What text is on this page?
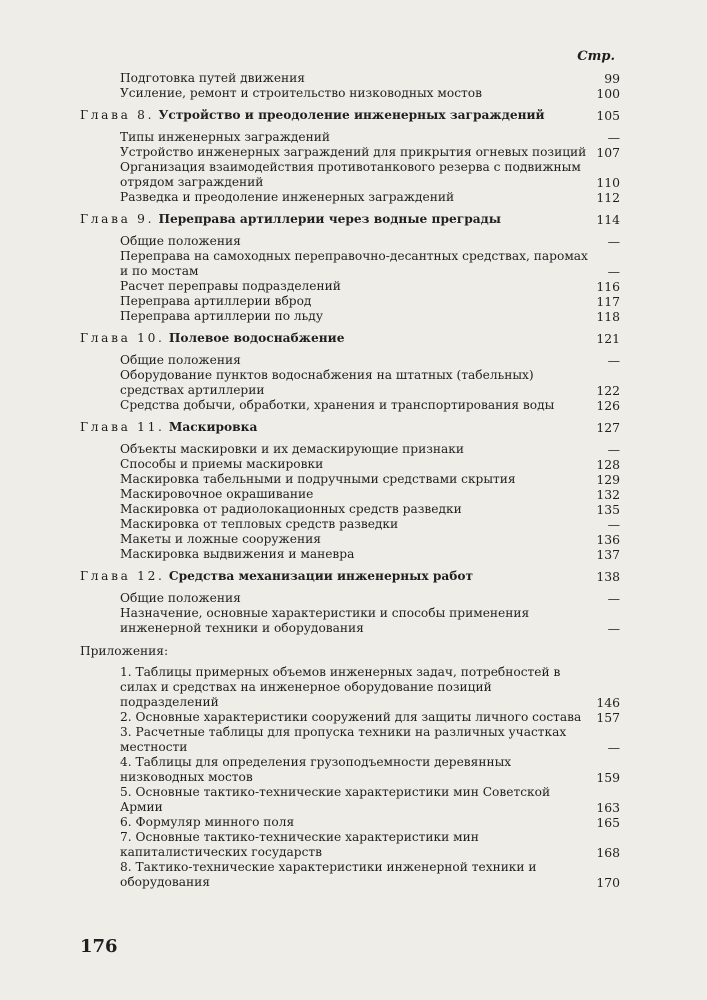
Стр.
Подготовка путей движения	99
Усиление, ремонт и строительство низководных мостов	100
Глава 8. Устройство и преодоление инженерных заграждений	105
Типы инженерных заграждений	—
Устройство инженерных заграждений для прикрытия огневых позиций 107
Организация взаимодействия противотанкового резерва с подвижным отрядом заграждений	110
Разведка и преодоление инженерных заграждений	112
Глава 9. Переправа артиллерии через водные преграды	114
Общие положения	—
Переправа на самоходных переправочно-десантных средствах, паромах и по мостам	—
Расчет переправы подразделений	116
Переправа артиллерии вброд	117
Переправа артиллерии по льду	118
Глава 10. Полевое водоснабжение	121
Общие положения	—
Оборудование пунктов водоснабжения на штатных (табельных) средствах артиллерии	122
Средства добычи, обработки, хранения и транспортирования воды	126
Глава 11. Маскировка	127
Объекты маскировки и их демаскирующие признаки	—
Способы и приемы маскировки	128
Маскировка табельными и подручными средствами скрытия	129
Маскировочное окрашивание	132
Маскировка от радиолокационных средств разведки	135
Маскировка от тепловых средств разведки	—
Макеты и ложные сооружения	136
Маскировка выдвижения и маневра	137
Глава 12. Средства механизации инженерных работ	138
Общие положения	—
Назначение, основные характеристики и способы применения инженерной техники и оборудования	—
Приложения:
1. Таблицы примерных объемов инженерных задач, потребностей в силах и средствах на инженерное оборудование позиций подразделений	146
2. Основные характеристики сооружений для защиты личного состава	157
3. Расчетные таблицы для пропуска техники на различных участках местности	—
4. Таблицы для определения грузоподъемности деревянных низководных мостов	159
5. Основные тактико-технические характеристики мин Советской Армии	163
6. Формуляр минного поля	165
7. Основные тактико-технические характеристики мин капиталистических государств	168
8. Тактико-технические характеристики инженерной техники и оборудования	170
176
